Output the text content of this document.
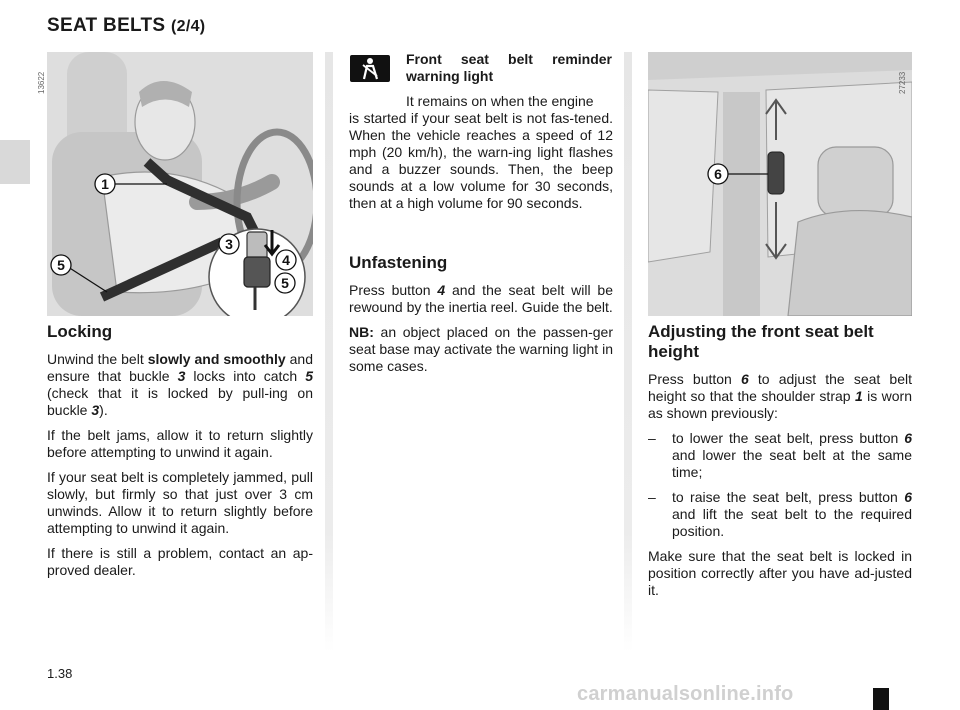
SEAT BELTS (2/4)
1
5
3
4
5
13622
6
27233
Locking

Unwind the belt slowly and smoothly and ensure that buckle 3 locks into catch 5 (check that it is locked by pull-ing on buckle 3).

If the belt jams, allow it to return slightly before attempting to unwind it again.

If your seat belt is completely jammed, pull slowly, but firmly so that just over 3 cm unwinds. Allow it to return slightly before attempting to unwind it again.

If there is still a problem, contact an ap-proved dealer.

Front seat belt reminder warning light
It remains on when the engine

is started if your seat belt is not fas-tened. When the vehicle reaches a speed of 12 mph (20 km/h), the warn-ing light flashes and a buzzer sounds. Then, the beep sounds at a low volume for 30 seconds, then at a high volume for 90 seconds.

Unfastening

Press button 4 and the seat belt will be rewound by the inertia reel. Guide the belt.

NB: an object placed on the passen-ger seat base may activate the warning light in some cases.

Adjusting the front seat belt height

Press button 6 to adjust the seat belt height so that the shoulder strap 1 is worn as shown previously:

– to lower the seat belt, press button 6 and lower the seat belt at the same time;
– to raise the seat belt, press button 6 and lift the seat belt to the required position.

Make sure that the seat belt is locked in position correctly after you have ad-justed it.

1.38
carmanualsonline.info
